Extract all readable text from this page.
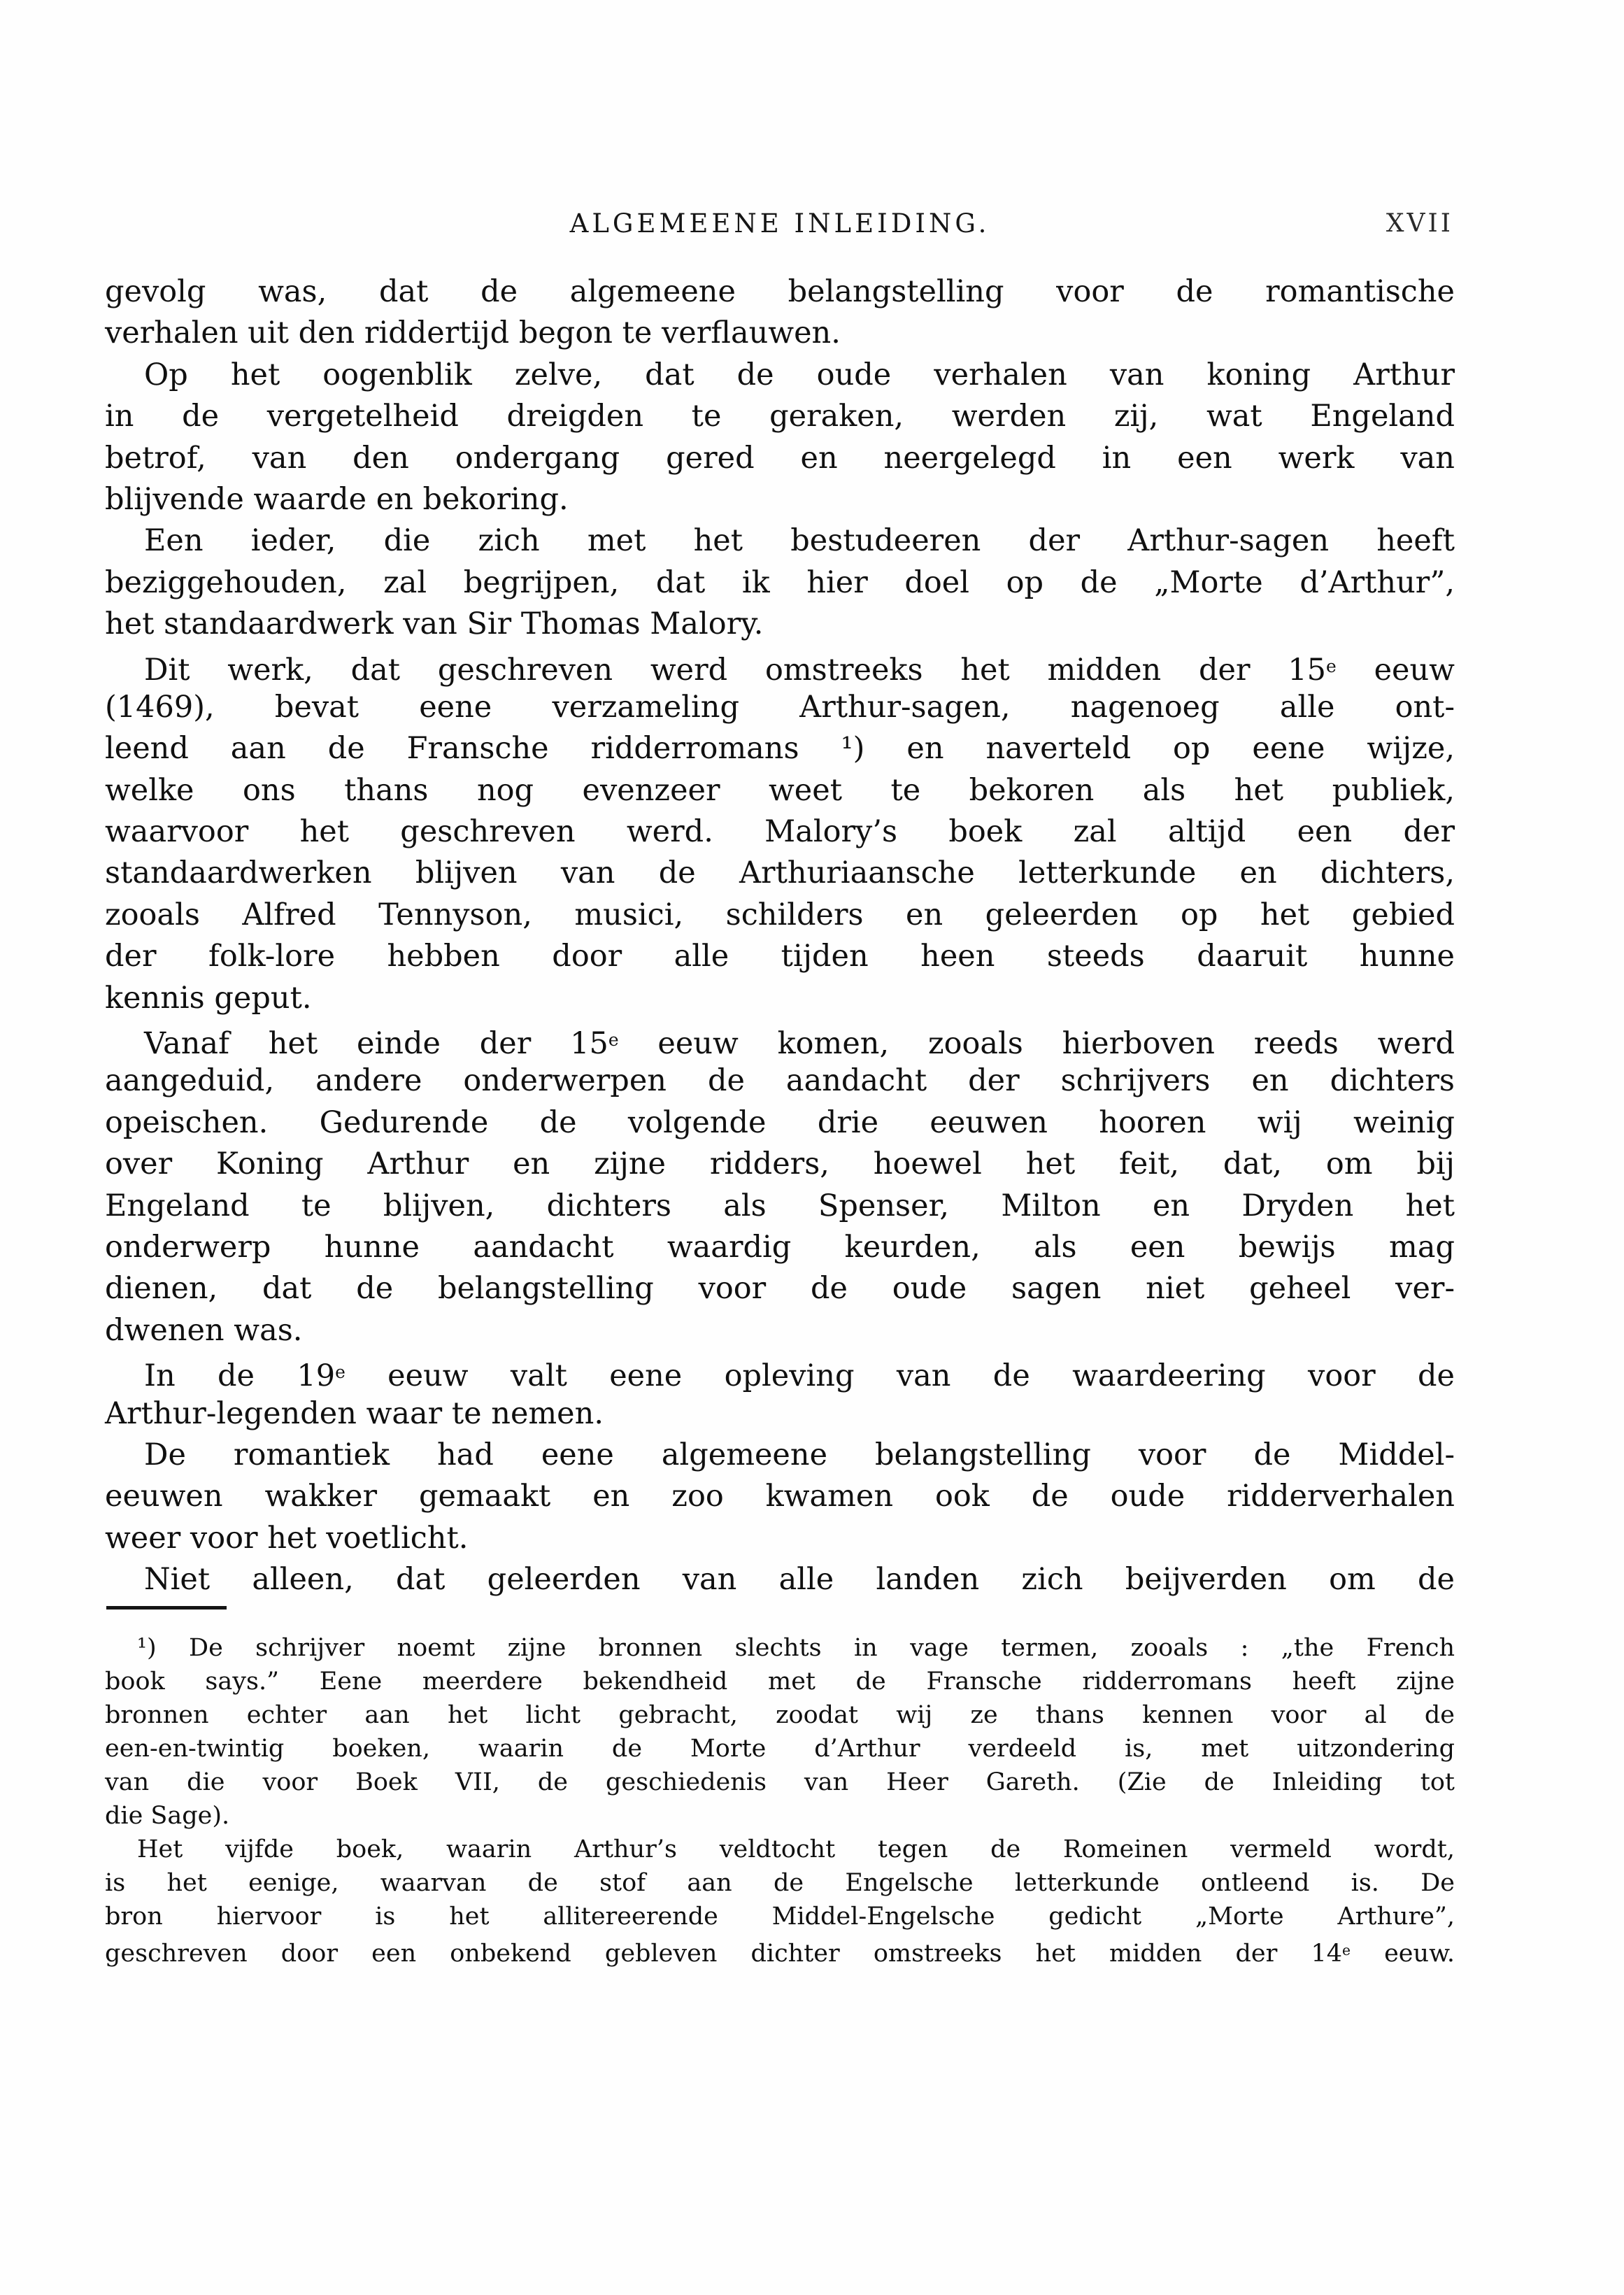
ALGEMEENE INLEIDING.	XVII
gevolg was, dat de algemeene belangstelling voor de romantische
verhalen uit den riddertijd begon te verflauwen.
Op het oogenblik zelve, dat de oude verhalen van koning Arthur
in de vergetelheid dreigden te geraken, werden zij, wat Engeland
betrof, van den ondergang gered en neergelegd in een werk van
blijvende waarde en bekoring.
Een ieder, die zich met het bestudeeren der Arthur-sagen heeft
beziggehouden, zal begrijpen, dat ik hier doel op de „Morte d’Arthur”,
het standaardwerk van Sir Thomas Malory.
Dit werk, dat geschreven werd omstreeks het midden der 15e eeuw
(1469), bevat eene verzameling Arthur-sagen, nagenoeg alle ont-
leend aan de Fransche ridderromans ¹) en naverteld op eene wijze,
welke ons thans nog evenzeer weet te bekoren als het publiek,
waarvoor het geschreven werd. Malory’s boek zal altijd een der
standaardwerken blijven van de Arthuriaansche letterkunde en dichters,
zooals Alfred Tennyson, musici, schilders en geleerden op het gebied
der folk-lore hebben door alle tijden heen steeds daaruit hunne
kennis geput.
Vanaf het einde der 15e eeuw komen, zooals hierboven reeds werd
aangeduid, andere onderwerpen de aandacht der schrijvers en dichters
opeischen. Gedurende de volgende drie eeuwen hooren wij weinig
over Koning Arthur en zijne ridders, hoewel het feit, dat, om bij
Engeland te blijven, dichters als Spenser, Milton en Dryden het
onderwerp hunne aandacht waardig keurden, als een bewijs mag
dienen, dat de belangstelling voor de oude sagen niet geheel ver-
dwenen was.
In de 19e eeuw valt eene opleving van de waardeering voor de
Arthur-legenden waar te nemen.
De romantiek had eene algemeene belangstelling voor de Middel-
eeuwen wakker gemaakt en zoo kwamen ook de oude ridderverhalen
weer voor het voetlicht.
Niet alleen, dat geleerden van alle landen zich beijverden om de
¹) De schrijver noemt zijne bronnen slechts in vage termen, zooals : „the French
book says.” Eene meerdere bekendheid met de Fransche ridderromans heeft zijne
bronnen echter aan het licht gebracht, zoodat wij ze thans kennen voor al de
een-en-twintig boeken, waarin de Morte d’Arthur verdeeld is, met uitzondering
van die voor Boek VII, de geschiedenis van Heer Gareth. (Zie de Inleiding tot
die Sage).
Het vijfde boek, waarin Arthur’s veldtocht tegen de Romeinen vermeld wordt,
is het eenige, waarvan de stof aan de Engelsche letterkunde ontleend is. De
bron hiervoor is het allitereerende Middel-Engelsche gedicht „Morte Arthure”,
geschreven door een onbekend gebleven dichter omstreeks het midden der 14e eeuw.
